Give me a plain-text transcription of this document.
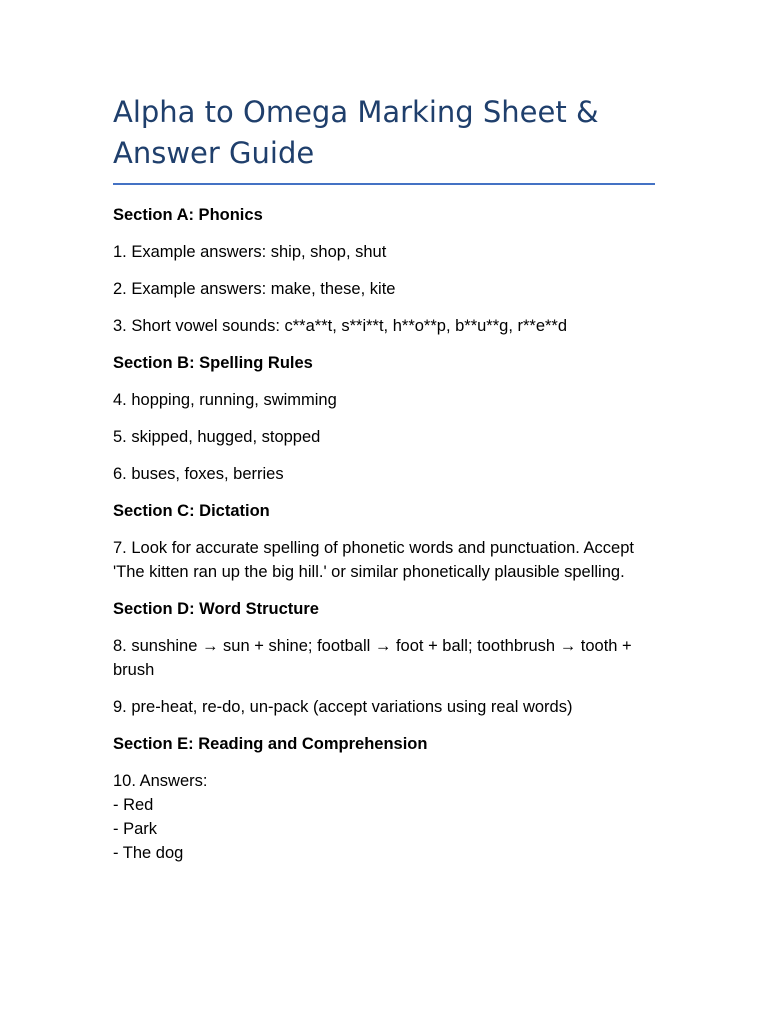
Alpha to Omega Marking Sheet &
Answer Guide

Section A: Phonics

1. Example answers: ship, shop, shut

2. Example answers: make, these, kite

3. Short vowel sounds: c**a**t, s**i**t, h**o**p, b**u**g, r**e**d

Section B: Spelling Rules

4. hopping, running, swimming

5. skipped, hugged, stopped

6. buses, foxes, berries

Section C: Dictation

7. Look for accurate spelling of phonetic words and punctuation. Accept 'The kitten ran up the big hill.' or similar phonetically plausible spelling.

Section D: Word Structure

8. sunshine → sun + shine; football → foot + ball; toothbrush → tooth + brush

9. pre-heat, re-do, un-pack (accept variations using real words)

Section E: Reading and Comprehension

10. Answers:
- Red
- Park
- The dog
